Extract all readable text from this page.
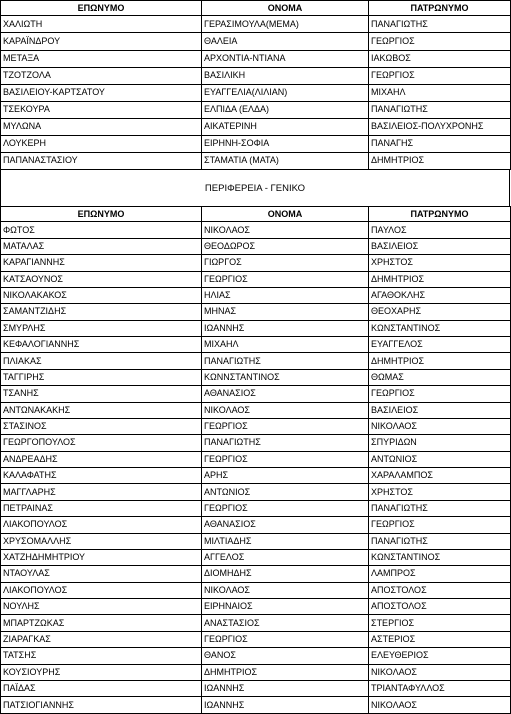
ΕΠΩΝΥΜΟ	ΟΝΟΜΑ	ΠΑΤΡΩΝΥΜΟ
ΧΑΛΙΩΤΗ	ΓΕΡΑΣΙΜΟΥΛΑ(ΜΕΜΑ)	ΠΑΝΑΓΙΩΤΗΣ
ΚΑΡΑΪΝΔΡΟΥ	ΘΑΛΕΙΑ	ΓΕΩΡΓΙΟΣ
ΜΕΤΑΞΑ	ΑΡΧΟΝΤΙΑ-ΝΤΙΑΝΑ	ΙΑΚΩΒΟΣ
ΤΖΟΤΖΟΛΑ	ΒΑΣΙΛΙΚΗ	ΓΕΩΡΓΙΟΣ
ΒΑΣΙΛΕΙΟΥ-ΚΑΡΤΣΑΤΟΥ	ΕΥΑΓΓΕΛΙΑ(ΛΙΛΙΑΝ)	ΜΙΧΑΗΛ
ΤΣΕΚΟΥΡΑ	ΕΛΠΙΔΑ (ΕΛΔΑ)	ΠΑΝΑΓΙΩΤΗΣ
ΜΥΛΩΝΑ	ΑΙΚΑΤΕΡΙΝΗ	ΒΑΣΙΛΕΙΟΣ-ΠΟΛΥΧΡΟΝΗΣ
ΛΟΥΚΕΡΗ	ΕΙΡΗΝΗ-ΣΟΦΙΑ	ΠΑΝΑΓΗΣ
ΠΑΠΑΝΑΣΤΑΣΙΟΥ	ΣΤΑΜΑΤΙΑ (ΜΑΤΑ)	ΔΗΜΗΤΡΙΟΣ
ΠΕΡΙΦΕΡΕΙΑ - ΓΕΝΙΚΟ
ΕΠΩΝΥΜΟ	ΟΝΟΜΑ	ΠΑΤΡΩΝΥΜΟ
ΦΩΤΟΣ	ΝΙΚΟΛΑΟΣ	ΠΑΥΛΟΣ
ΜΑΤΑΛΑΣ	ΘΕΟΔΩΡΟΣ	ΒΑΣΙΛΕΙΟΣ
ΚΑΡΑΓΙΑΝΝΗΣ	ΓΙΩΡΓΟΣ	ΧΡΗΣΤΟΣ
ΚΑΤΣΑΟΥΝΟΣ	ΓΕΩΡΓΙΟΣ	ΔΗΜΗΤΡΙΟΣ
ΝΙΚΟΛΑΚΑΚΟΣ	ΗΛΙΑΣ	ΑΓΑΘΟΚΛΗΣ
ΣΑΜΑΝΤΖΙΔΗΣ	ΜΗΝΑΣ	ΘΕΟΧΑΡΗΣ
ΣΜΥΡΛΗΣ	ΙΩΑΝΝΗΣ	ΚΩΝΣΤΑΝΤΙΝΟΣ
ΚΕΦΑΛΟΓΙΑΝΝΗΣ	ΜΙΧΑΗΛ	ΕΥΑΓΓΕΛΟΣ
ΠΛΙΑΚΑΣ	ΠΑΝΑΓΙΩΤΗΣ	ΔΗΜΗΤΡΙΟΣ
ΤΑΓΓΙΡΗΣ	ΚΩΝΝΣΤΑΝΤΙΝΟΣ	ΘΩΜΑΣ
ΤΣΑΝΗΣ	ΑΘΑΝΑΣΙΟΣ	ΓΕΩΡΓΙΟΣ
ΑΝΤΩΝΑΚΑΚΗΣ	ΝΙΚΟΛΑΟΣ	ΒΑΣΙΛΕΙΟΣ
ΣΤΑΣΙΝΟΣ	ΓΕΩΡΓΙΟΣ	ΝΙΚΟΛΑΟΣ
ΓΕΩΡΓΟΠΟΥΛΟΣ	ΠΑΝΑΓΙΩΤΗΣ	ΣΠΥΡΙΔΩΝ
ΑΝΔΡΕΑΔΗΣ	ΓΕΩΡΓΙΟΣ	ΑΝΤΩΝΙΟΣ
ΚΑΛΑΦΑΤΗΣ	ΑΡΗΣ	ΧΑΡΑΛΑΜΠΟΣ
ΜΑΓΓΛΑΡΗΣ	ΑΝΤΩΝΙΟΣ	ΧΡΗΣΤΟΣ
ΠΕΤΡΑΙΝΑΣ	ΓΕΩΡΓΙΟΣ	ΠΑΝΑΓΙΩΤΗΣ
ΛΙΑΚΟΠΟΥΛΟΣ	ΑΘΑΝΑΣΙΟΣ	ΓΕΩΡΓΙΟΣ
ΧΡΥΣΟΜΑΛΛΗΣ	ΜΙΛΤΙΑΔΗΣ	ΠΑΝΑΓΙΩΤΗΣ
ΧΑΤΖΗΔΗΜΗΤΡΙΟΥ	ΑΓΓΕΛΟΣ	ΚΩΝΣΤΑΝΤΙΝΟΣ
ΝΤΑΟΥΛΑΣ	ΔΙΟΜΗΔΗΣ	ΛΑΜΠΡΟΣ
ΛΙΑΚΟΠΟΥΛΟΣ	ΝΙΚΟΛΑΟΣ	ΑΠΟΣΤΟΛΟΣ
ΝΟΥΛΗΣ	ΕΙΡΗΝΑΙΟΣ	ΑΠΟΣΤΟΛΟΣ
ΜΠΑΡΤΖΩΚΑΣ	ΑΝΑΣΤΑΣΙΟΣ	ΣΤΕΡΓΙΟΣ
ΖΙΑΡΑΓΚΑΣ	ΓΕΩΡΓΙΟΣ	ΑΣΤΕΡΙΟΣ
ΤΑΤΣΗΣ	ΘΑΝΟΣ	ΕΛΕΥΘΕΡΙΟΣ
ΚΟΥΣΙΟΥΡΗΣ	ΔΗΜΗΤΡΙΟΣ	ΝΙΚΟΛΑΟΣ
ΠΑΪΔΑΣ	ΙΩΑΝΝΗΣ	ΤΡΙΑΝΤΑΦΥΛΛΟΣ
ΠΑΤΣΙΟΓΙΑΝΝΗΣ	ΙΩΑΝΝΗΣ	ΝΙΚΟΛΑΟΣ
